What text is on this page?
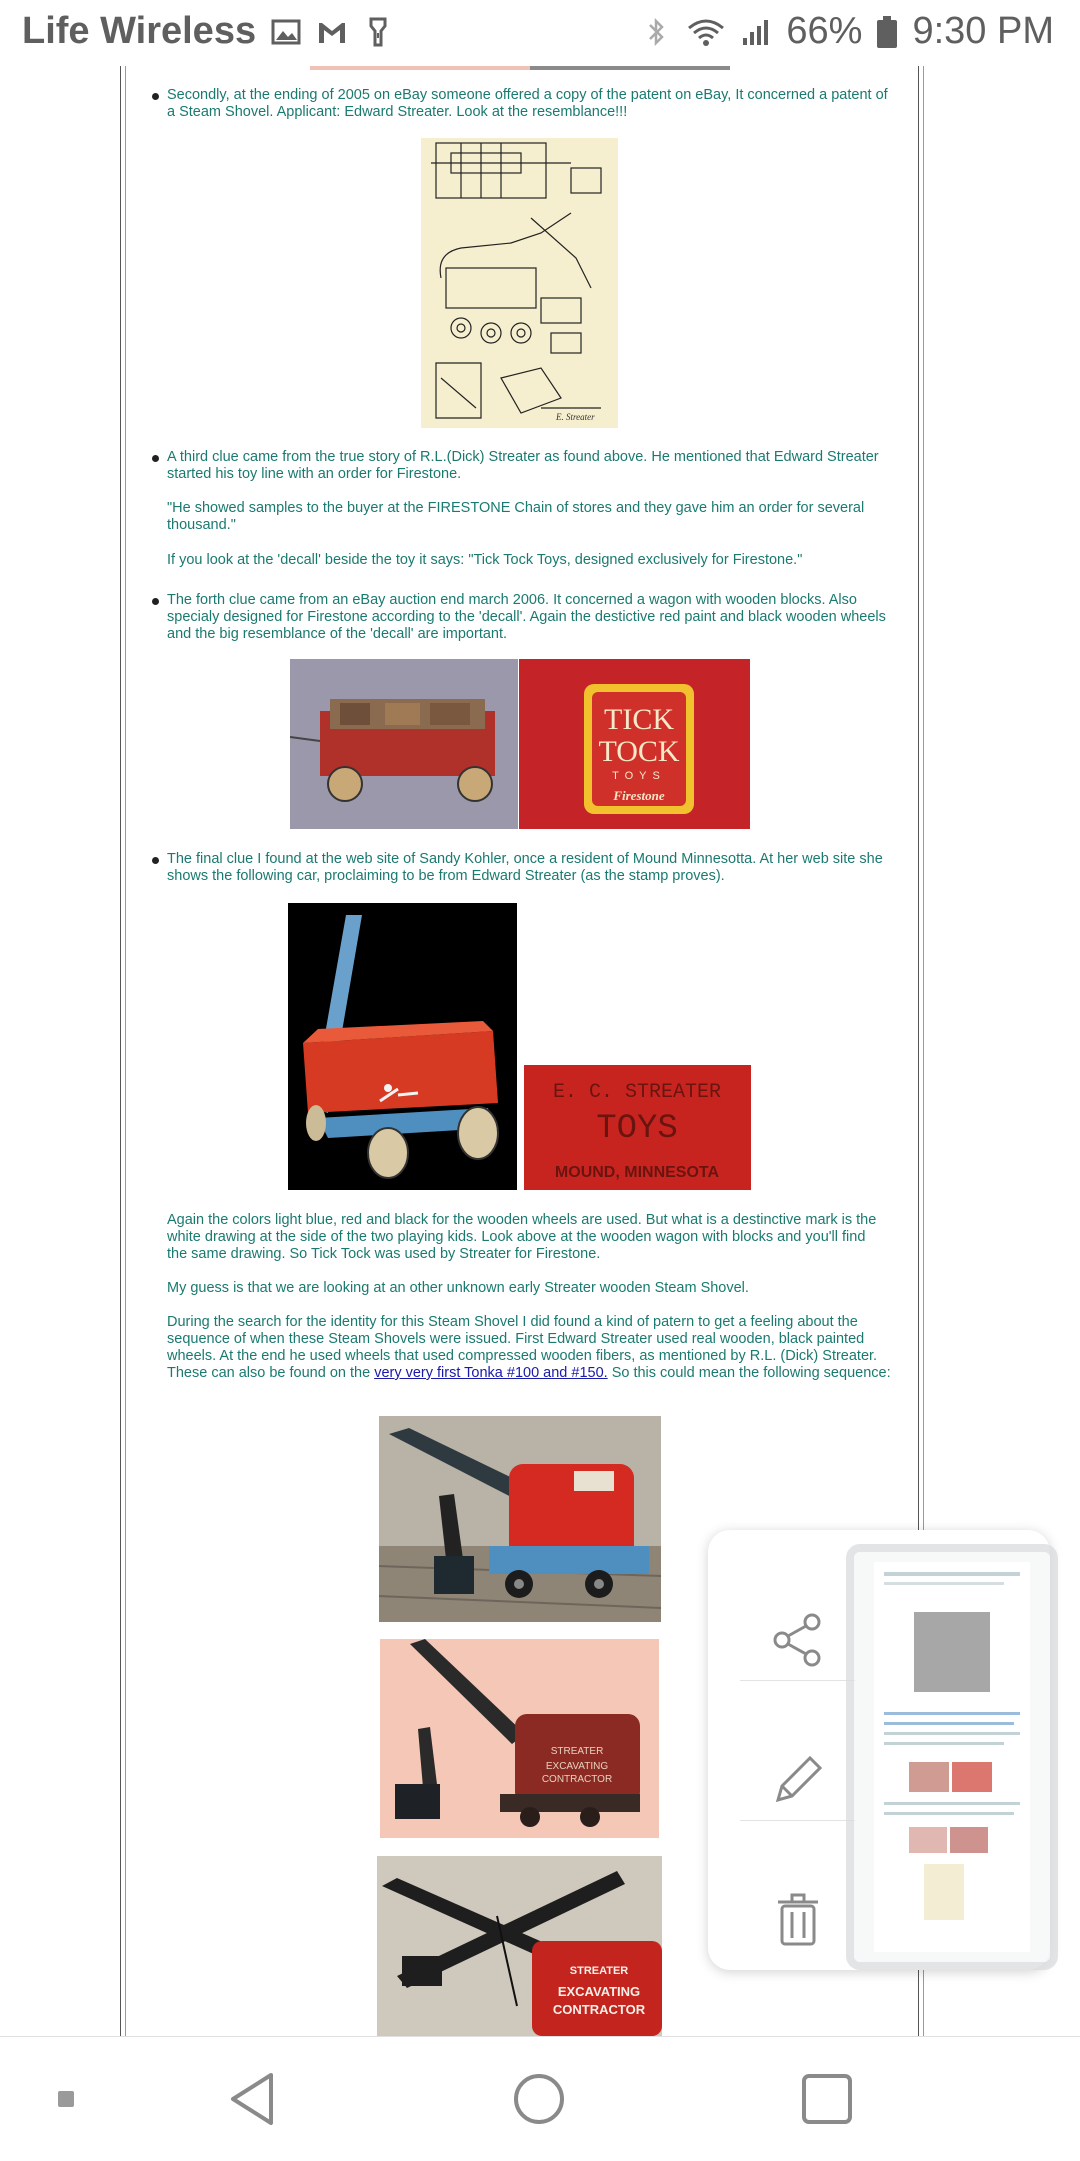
Life Wireless	66% 9:30 PM
Secondly, at the ending of 2005 on eBay someone offered a copy of the patent on eBay, It concerned a patent of a Steam Shovel. Applicant: Edward Streater. Look at the resemblance!!!
E. Streater
A third clue came from the true story of R.L.(Dick) Streater as found above. He mentioned that Edward Streater started his toy line with an order for Firestone.
"He showed samples to the buyer at the FIRESTONE Chain of stores and they gave him an order for several thousand."
If you look at the 'decall' beside the toy it says: "Tick Tock Toys, designed exclusively for Firestone."
The forth clue came from an eBay auction end march 2006. It concerned a wagon with wooden blocks. Also specialy designed for Firestone according to the 'decall'. Again the destictive red paint and black wooden wheels and the big resemblance of the 'decall' are important.
TICK
TOCK
TOYS
Firestone
The final clue I found at the web site of Sandy Kohler, once a resident of Mound Minnesotta. At her web site she shows the following car, proclaiming to be from Edward Streater (as the stamp proves).
E. C. STREATER
TOYS
MOUND, MINNESOTA
Again the colors light blue, red and black for the wooden wheels are used. But what is a destinctive mark is the white drawing at the side of the two playing kids. Look above at the wooden wagon with blocks and you'll find the same drawing. So Tick Tock was used by Streater for Firestone.
My guess is that we are looking at an other unknown early Streater wooden Steam Shovel.
During the search for the identity for this Steam Shovel I did found a kind of patern to get a feeling about the sequence of when these Steam Shovels were issued. First Edward Streater used real wooden, black painted wheels. At the end he used wheels that used compressed wooden fibers, as mentioned by R.L. (Dick) Streater. These can also be found on the very very first Tonka #100 and #150. So this could mean the following sequence:
STREATER
EXCAVATING
CONTRACTOR
STREATER
EXCAVATING
CONTRACTOR
